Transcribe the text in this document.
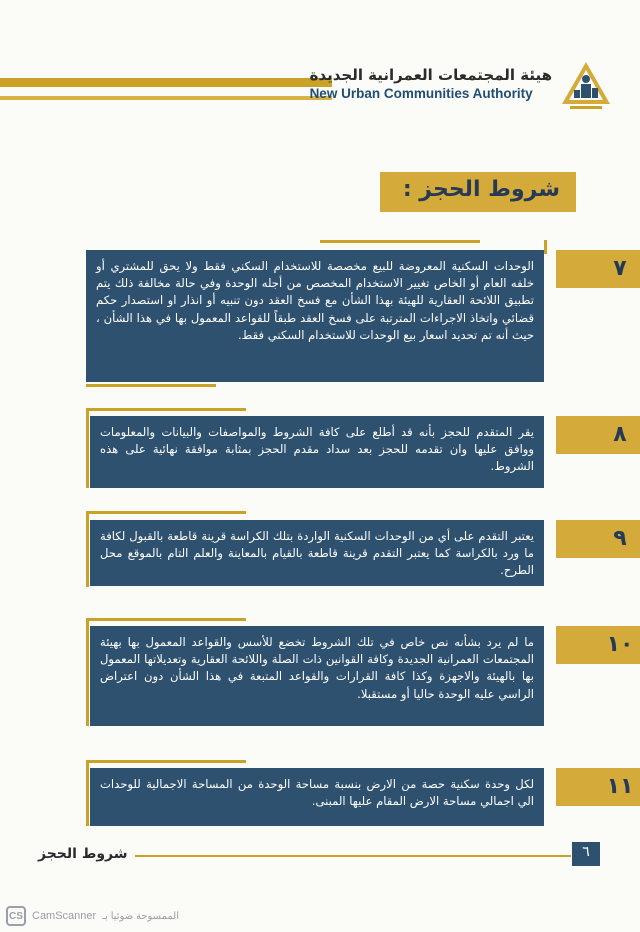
هيئة المجتمعات العمرانية الجديدة
New Urban Communities Authority
شروط الحجز :
الوحدات السكنية المعروضة للبيع مخصصة للاستخدام السكني فقط ولا يحق للمشتري أو خلفه العام أو الخاص تغيير الاستخدام المخصص من أجله الوحدة وفي حالة مخالفة ذلك يتم تطبيق اللائحة العقارية للهيئة بهذا الشأن مع فسخ العقد دون تنبيه أو انذار او استصدار حكم قضائي واتخاذ الاجراءات المترتبة على فسخ العقد طبقاً للقواعد المعمول بها في هذا الشأن ، حيث أنه تم تحديد اسعار بيع الوحدات للاستخدام السكني فقط.
٧
يقر المتقدم للحجز بأنه قد أطلع على كافة الشروط والمواصفات والبيانات والمعلومات ووافق عليها وان تقدمه للحجز بعد سداد مقدم الحجز بمثابة موافقة نهائية على هذه الشروط.
٨
يعتبر التقدم على أي من الوحدات السكنية الواردة بتلك الكراسة قرينة قاطعة بالقبول لكافة ما ورد بالكراسة كما يعتبر التقدم قرينة قاطعة بالقيام بالمعاينة والعلم التام بالموقع محل الطرح.
٩
ما لم يرد بشأنه نص خاص في تلك الشروط تخضع للأسس والقواعد المعمول بها بهيئة المجتمعات العمرانية الجديدة وكافة القوانين ذات الصلة واللائحة العقارية وتعديلاتها المعمول بها بالهيئة والاجهزة وكذا كافة القرارات والقواعد المتبعة في هذا الشأن دون اعتراض الراسي عليه الوحدة حاليا أو مستقبلا.
١٠
لكل وحدة سكنية حصة من الارض بنسبة مساحة الوحدة من المساحة الاجمالية للوحدات الي اجمالي مساحة الارض المقام عليها المبنى.
١١
شروط الحجز	٦
CS CamScanner الممسوحة ضوئيا بـ
